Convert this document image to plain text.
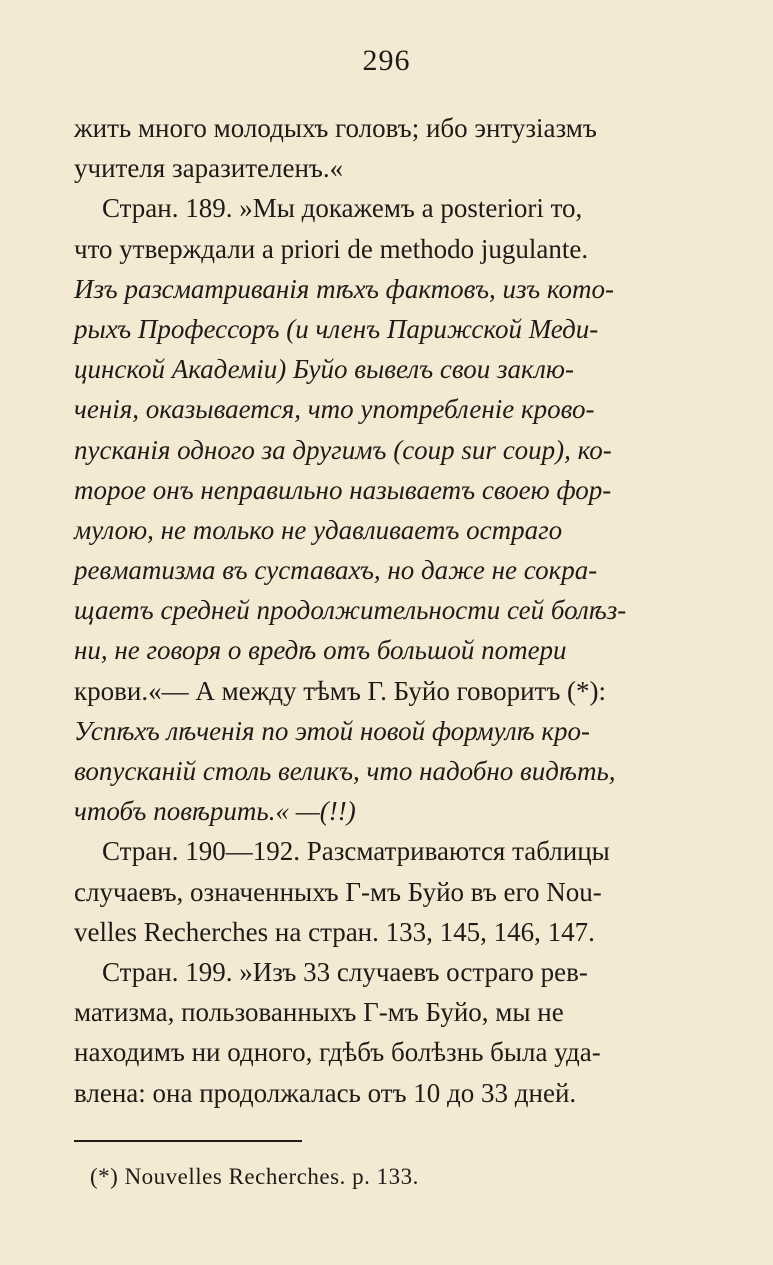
296
жить много молодыхъ головъ; ибо энтузіазмъ
учителя заразителенъ.«
Стран. 189. »Мы докажемъ a posteriori то,
что утверждали a priori de methodo jugulante.
Изъ разсматриванія тѣхъ фактовъ, изъ кото-
рыхъ Профессоръ (и членъ Парижской Меди-
цинской Академіи) Буйо вывелъ свои заклю-
ченія, оказывается, что употребленіе крово-
пусканія одного за другимъ (coup sur coup), ко-
торое онъ неправильно называетъ своею фор-
мулою, не только не удавливаетъ остраго
ревматизма въ суставахъ, но даже не сокра-
щаетъ средней продолжительности сей болѣз-
ни, не говоря о вредѣ отъ большой потери
крови.«— А между тѣмъ Г. Буйо говоритъ (*):
Успѣхъ лѣченія по этой новой формулѣ кро-
вопусканій столь великъ, что надобно видѣть,
чтобъ повѣрить.« —(!!)
Стран. 190—192. Разсматриваются таблицы
случаевъ, означенныхъ Г-мъ Буйо въ его Nou-
velles Recherches на стран. 133, 145, 146, 147.
Стран. 199. »Изъ 33 случаевъ остраго рев-
матизма, пользованныхъ Г-мъ Буйо, мы не
находимъ ни одного, гдѣбъ болѣзнь была уда-
влена: она продолжалась отъ 10 до 33 дней.
(*) Nouvelles Recherches. p. 133.
